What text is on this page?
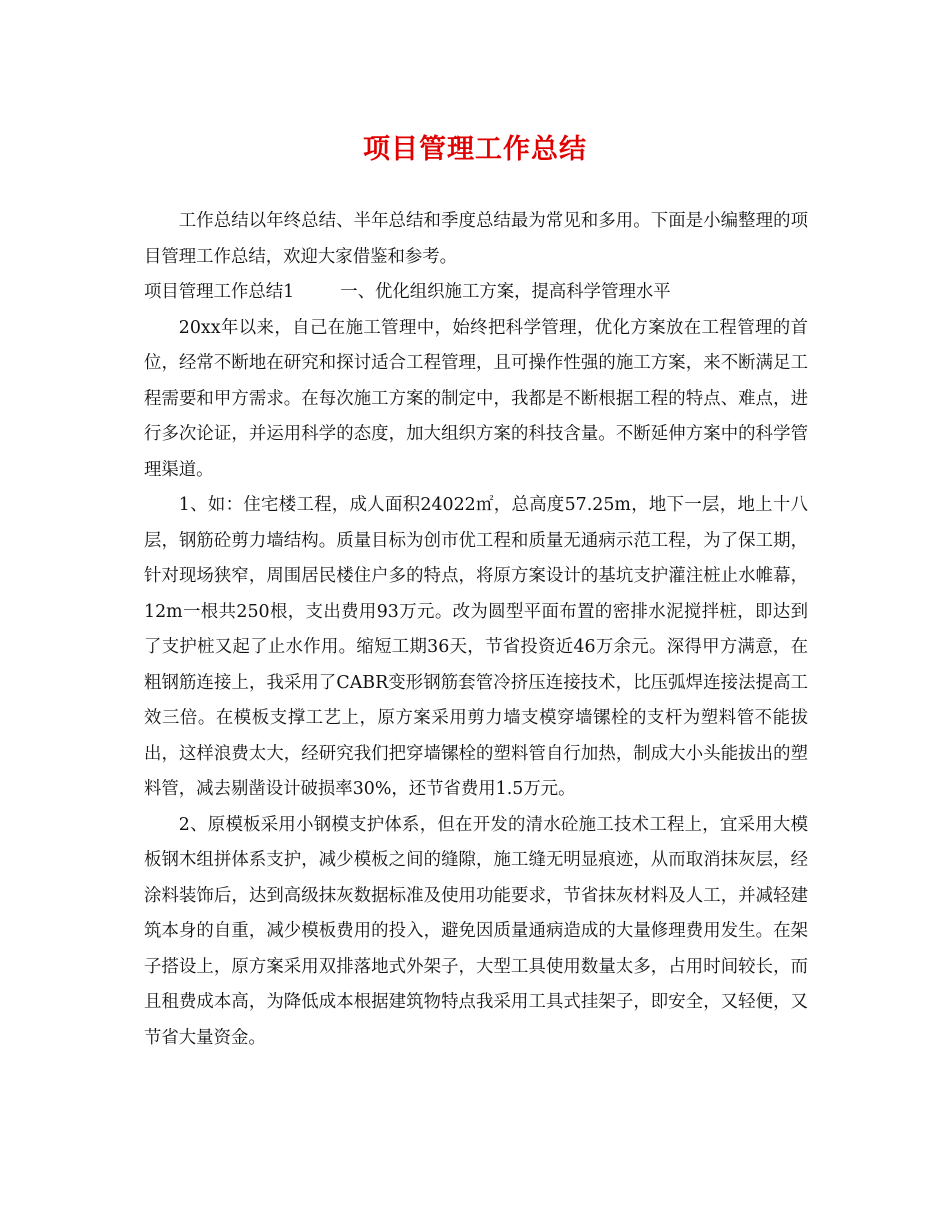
项目管理工作总结

工作总结以年终总结、半年总结和季度总结最为常见和多用。下面是小编整理的项目管理工作总结，欢迎大家借鉴和参考。

项目管理工作总结1	一、优化组织施工方案，提高科学管理水平

20xx年以来，自己在施工管理中，始终把科学管理，优化方案放在工程管理的首位，经常不断地在研究和探讨适合工程管理，且可操作性强的施工方案，来不断满足工程需要和甲方需求。在每次施工方案的制定中，我都是不断根据工程的特点、难点，进行多次论证，并运用科学的态度，加大组织方案的科技含量。不断延伸方案中的科学管理渠道。

1、如：住宅楼工程，成人面积24022㎡，总高度57.25m，地下一层，地上十八层，钢筋砼剪力墙结构。质量目标为创市优工程和质量无通病示范工程，为了保工期，针对现场狭窄，周围居民楼住户多的特点，将原方案设计的基坑支护灌注桩止水帷幕，12m一根共250根，支出费用93万元。改为圆型平面布置的密排水泥搅拌桩，即达到了支护桩又起了止水作用。缩短工期36天，节省投资近46万余元。深得甲方满意，在粗钢筋连接上，我采用了CABR变形钢筋套管冷挤压连接技术，比压弧焊连接法提高工效三倍。在模板支撑工艺上，原方案采用剪力墙支模穿墙镙栓的支杆为塑料管不能拔出，这样浪费太大，经研究我们把穿墙镙栓的塑料管自行加热，制成大小头能拔出的塑料管，减去剔凿设计破损率30%，还节省费用1.5万元。

2、原模板采用小钢模支护体系，但在开发的清水砼施工技术工程上，宜采用大模板钢木组拼体系支护，减少模板之间的缝隙，施工缝无明显痕迹，从而取消抹灰层，经涂料装饰后，达到高级抹灰数据标准及使用功能要求，节省抹灰材料及人工，并减轻建筑本身的自重，减少模板费用的投入，避免因质量通病造成的大量修理费用发生。在架子搭设上，原方案采用双排落地式外架子，大型工具使用数量太多，占用时间较长，而且租费成本高，为降低成本根据建筑物特点我采用工具式挂架子，即安全，又轻便，又节省大量资金。
